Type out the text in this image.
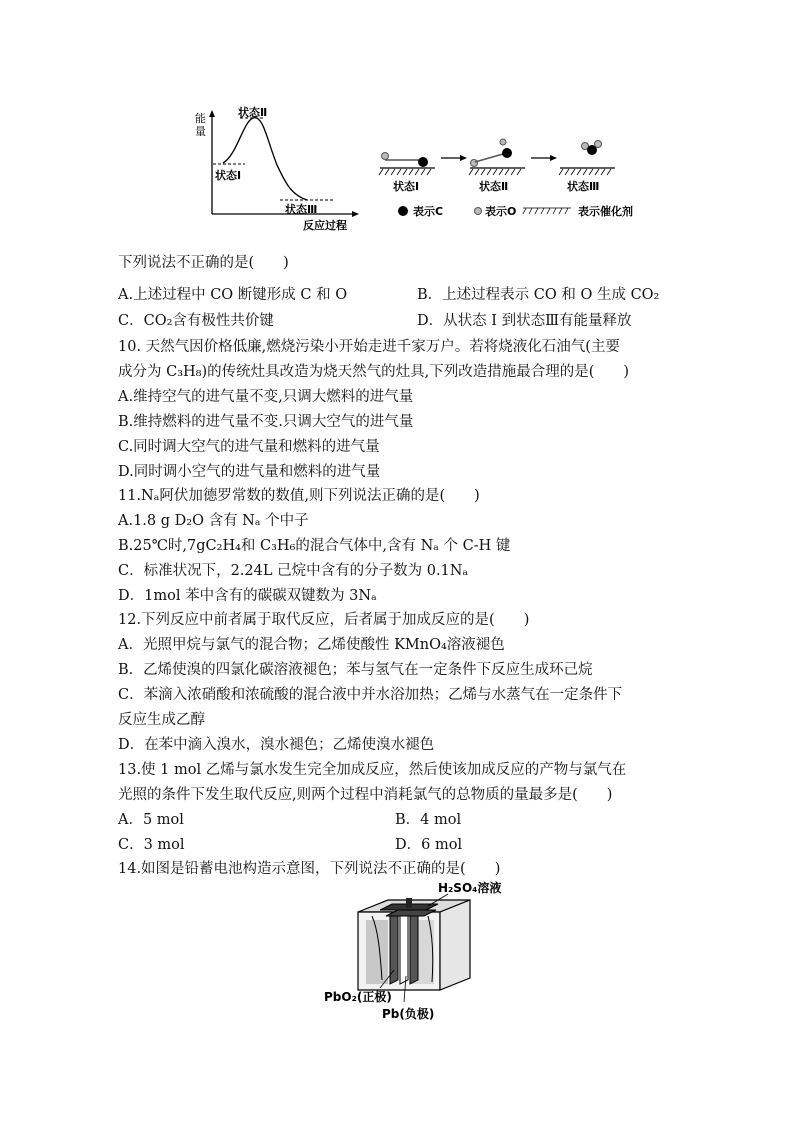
能量
状态Ⅰ
状态Ⅱ
状态Ⅲ
反应过程
状态Ⅰ	状态Ⅱ	状态Ⅲ
表示C	表示O	表示催化剂
下列说法不正确的是(　　)
A.上述过程中 CO 断键形成 C 和 O	B．上述过程表示 CO 和 O 生成 CO₂
C．CO₂含有极性共价键	D．从状态 Ⅰ 到状态Ⅲ有能量释放
10. 天然气因价格低廉,燃烧污染小开始走进千家万户。若将烧液化石油气(主要
成分为 C₃H₈)的传统灶具改造为烧天然气的灶具,下列改造措施最合理的是(　　)
A.维持空气的进气量不变,只调大燃料的进气量
B.维持燃料的进气量不变.只调大空气的进气量
C.同时调大空气的进气量和燃料的进气量
D.同时调小空气的进气量和燃料的进气量
11.Nₐ阿伏加德罗常数的数值,则下列说法正确的是(　　)
A.1.8 g D₂O 含有 Nₐ 个中子
B.25℃时,7gC₂H₄和 C₃H₆的混合气体中,含有 Nₐ 个 C-H 键
C．标准状况下，2.24L 己烷中含有的分子数为 0.1Nₐ
D．1mol 苯中含有的碳碳双键数为 3Nₐ
12.下列反应中前者属于取代反应，后者属于加成反应的是(　　)
A．光照甲烷与氯气的混合物；乙烯使酸性 KMnO₄溶液褪色
B．乙烯使溴的四氯化碳溶液褪色；苯与氢气在一定条件下反应生成环己烷
C．苯滴入浓硝酸和浓硫酸的混合液中并水浴加热；乙烯与水蒸气在一定条件下
反应生成乙醇
D．在苯中滴入溴水，溴水褪色；乙烯使溴水褪色
13.使 1 mol 乙烯与氯水发生完全加成反应，然后使该加成反应的产物与氯气在
光照的条件下发生取代反应,则两个过程中消耗氯气的总物质的量最多是(　　)
A．5 mol	B．4 mol
C．3 mol	D．6 mol
14.如图是铅蓄电池构造示意图，下列说法不正确的是(　　)
H₂SO₄溶液
PbO₂(正极)
Pb(负极)
